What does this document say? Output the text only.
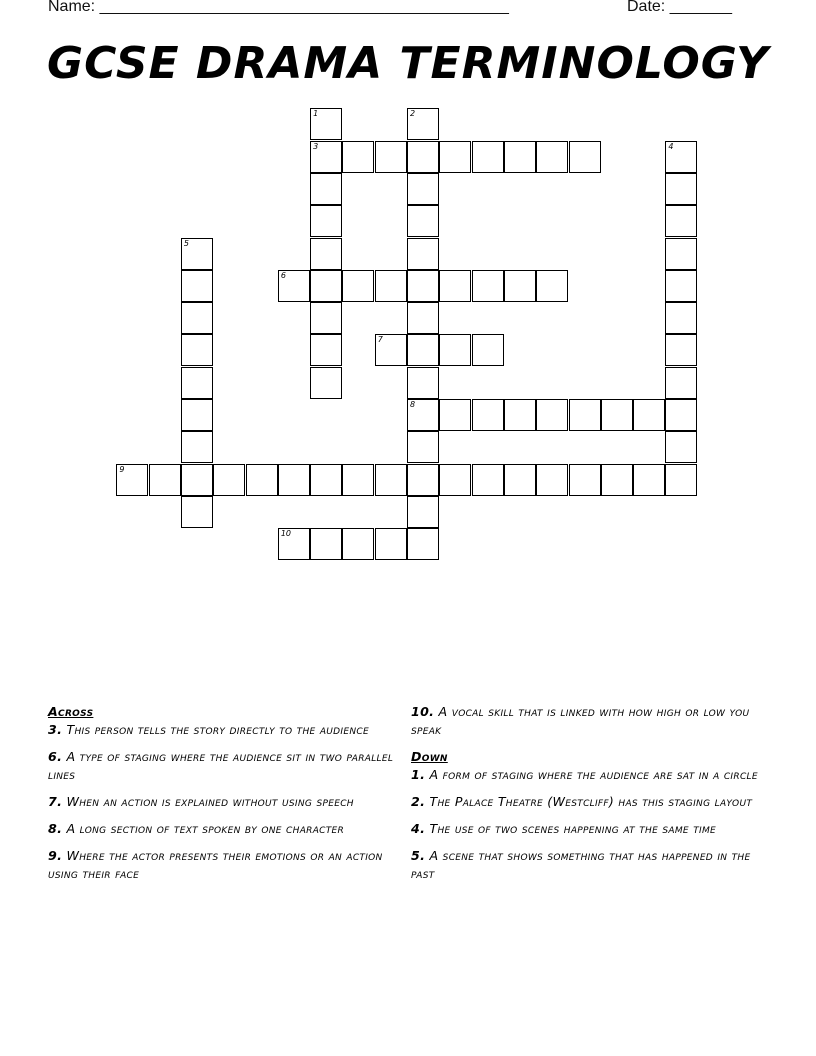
Name: ______________________________________________	Date: _______
GCSE DRAMA TERMINOLOGY
1
3
2
8
4
5
6
7
9
10
Across
3. This person tells the story directly to the audience
6. A type of staging where the audience sit in two parallel lines
7. When an action is explained without using speech
8. A long section of text spoken by one character
9. Where the actor presents their emotions or an action using their face
10. A vocal skill that is linked with how high or low you speak
Down
1. A form of staging where the audience are sat in a circle
2. The Palace Theatre (Westcliff) has this staging layout
4. The use of two scenes happening at the same time
5. A scene that shows something that has happened in the past
